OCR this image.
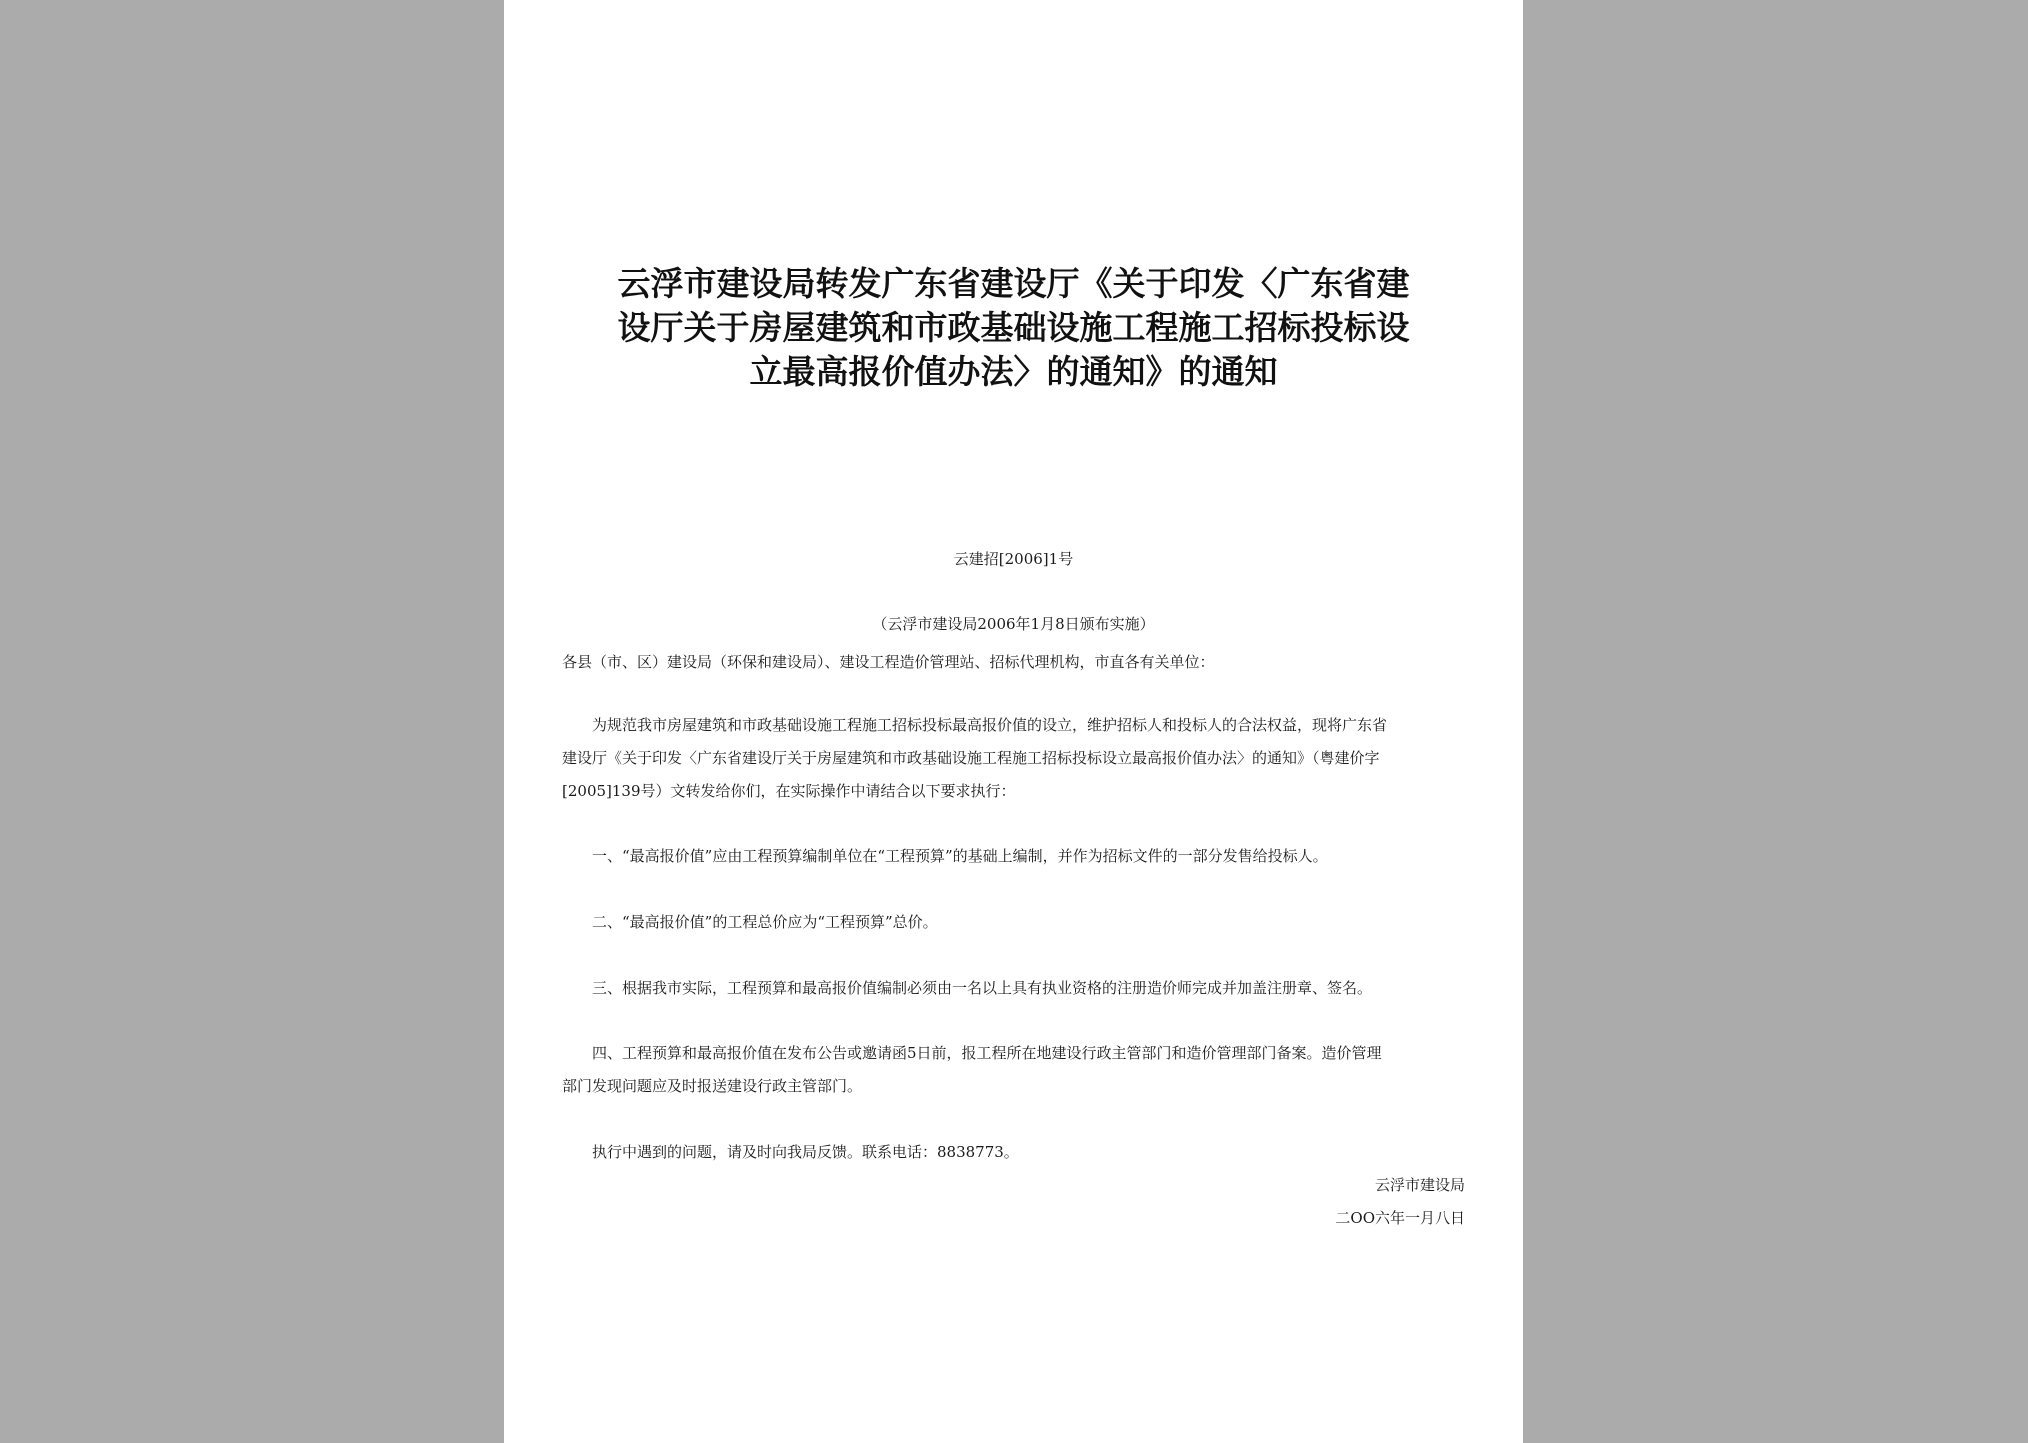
云浮市建设局转发广东省建设厅《关于印发〈广东省建
设厅关于房屋建筑和市政基础设施工程施工招标投标设
立最高报价值办法〉的通知》的通知
云建招[2006]1号
（云浮市建设局2006年1月8日颁布实施）
各县（市、区）建设局（环保和建设局）、建设工程造价管理站、招标代理机构，市直各有关单位：
为规范我市房屋建筑和市政基础设施工程施工招标投标最高报价值的设立，维护招标人和投标人的合法权益，现将广东省
建设厅《关于印发〈广东省建设厅关于房屋建筑和市政基础设施工程施工招标投标设立最高报价值办法〉的通知》（粤建价字
[2005]139号）文转发给你们，在实际操作中请结合以下要求执行：
一、“最高报价值”应由工程预算编制单位在“工程预算”的基础上编制，并作为招标文件的一部分发售给投标人。
二、“最高报价值”的工程总价应为“工程预算”总价。
三、根据我市实际，工程预算和最高报价值编制必须由一名以上具有执业资格的注册造价师完成并加盖注册章、签名。
四、工程预算和最高报价值在发布公告或邀请函5日前，报工程所在地建设行政主管部门和造价管理部门备案。造价管理
部门发现问题应及时报送建设行政主管部门。
执行中遇到的问题，请及时向我局反馈。联系电话：8838773。
云浮市建设局
二OO六年一月八日
